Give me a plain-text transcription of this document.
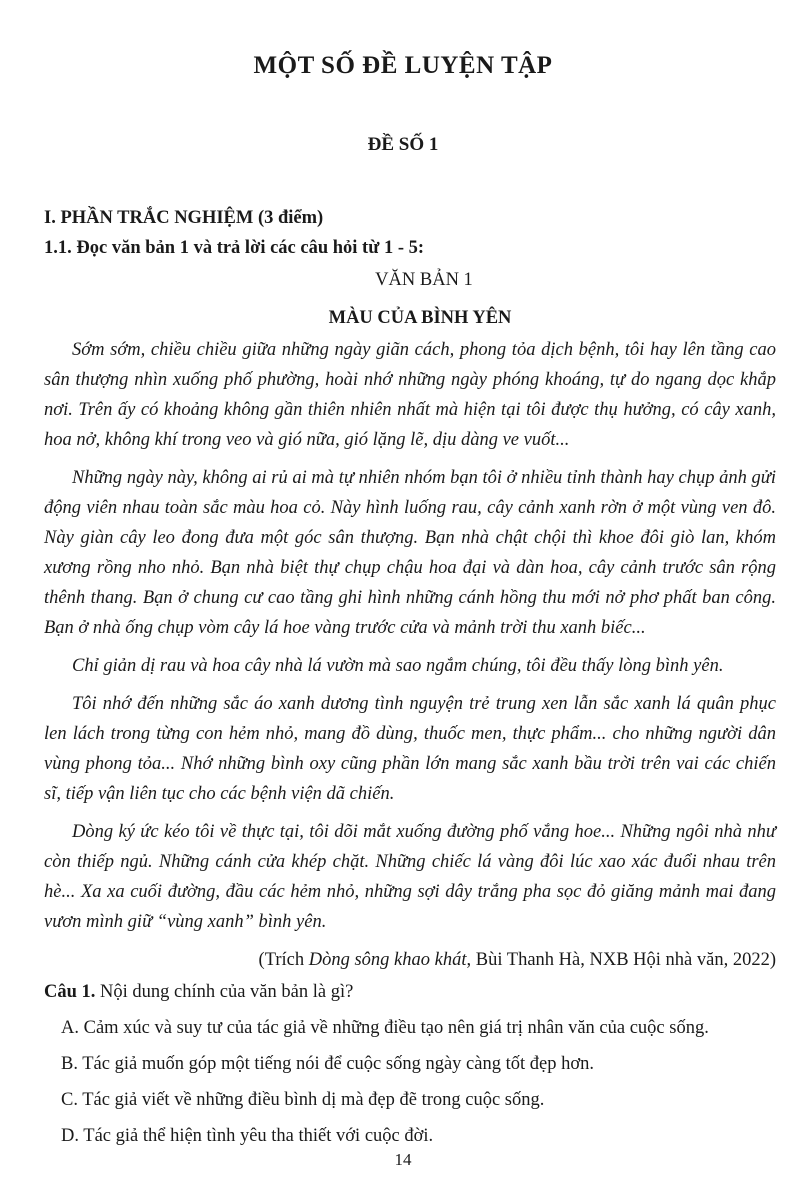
MỘT SỐ ĐỀ LUYỆN TẬP
ĐỀ SỐ 1

I. PHẦN TRẮC NGHIỆM (3 điểm)

1.1. Đọc văn bản 1 và trả lời các câu hỏi từ 1 - 5:

VĂN BẢN 1

MÀU CỦA BÌNH YÊN

Sớm sớm, chiều chiều giữa những ngày giãn cách, phong tỏa dịch bệnh, tôi hay lên tầng cao sân thượng nhìn xuống phố phường, hoài nhớ những ngày phóng khoáng, tự do ngang dọc khắp nơi. Trên ấy có khoảng không gần thiên nhiên nhất mà hiện tại tôi được thụ hưởng, có cây xanh, hoa nở, không khí trong veo và gió nữa, gió lặng lẽ, dịu dàng ve vuốt...

Những ngày này, không ai rủ ai mà tự nhiên nhóm bạn tôi ở nhiều tỉnh thành hay chụp ảnh gửi động viên nhau toàn sắc màu hoa cỏ. Này hình luống rau, cây cảnh xanh rờn ở một vùng ven đô. Này giàn cây leo đong đưa một góc sân thượng. Bạn nhà chật chội thì khoe đôi giò lan, khóm xương rồng nho nhỏ. Bạn nhà biệt thự chụp chậu hoa đại và dàn hoa, cây cảnh trước sân rộng thênh thang. Bạn ở chung cư cao tầng ghi hình những cánh hồng thu mới nở phơ phất ban công. Bạn ở nhà ống chụp vòm cây lá hoe vàng trước cửa và mảnh trời thu xanh biếc...

Chỉ giản dị rau và hoa cây nhà lá vườn mà sao ngắm chúng, tôi đều thấy lòng bình yên.

Tôi nhớ đến những sắc áo xanh dương tình nguyện trẻ trung xen lẫn sắc xanh lá quân phục len lách trong từng con hẻm nhỏ, mang đồ dùng, thuốc men, thực phẩm... cho những người dân vùng phong tỏa... Nhớ những bình oxy cũng phần lớn mang sắc xanh bầu trời trên vai các chiến sĩ, tiếp vận liên tục cho các bệnh viện dã chiến.

Dòng ký ức kéo tôi về thực tại, tôi dõi mắt xuống đường phố vắng hoe... Những ngôi nhà như còn thiếp ngủ. Những cánh cửa khép chặt. Những chiếc lá vàng đôi lúc xao xác đuổi nhau trên hè... Xa xa cuối đường, đầu các hẻm nhỏ, những sợi dây trắng pha sọc đỏ giăng mảnh mai đang vươn mình giữ “vùng xanh” bình yên.

(Trích Dòng sông khao khát, Bùi Thanh Hà, NXB Hội nhà văn, 2022)

Câu 1. Nội dung chính của văn bản là gì?

A. Cảm xúc và suy tư của tác giả về những điều tạo nên giá trị nhân văn của cuộc sống.

B. Tác giả muốn góp một tiếng nói để cuộc sống ngày càng tốt đẹp hơn.

C. Tác giả viết về những điều bình dị mà đẹp đẽ trong cuộc sống.

D. Tác giả thể hiện tình yêu tha thiết với cuộc đời.

14
